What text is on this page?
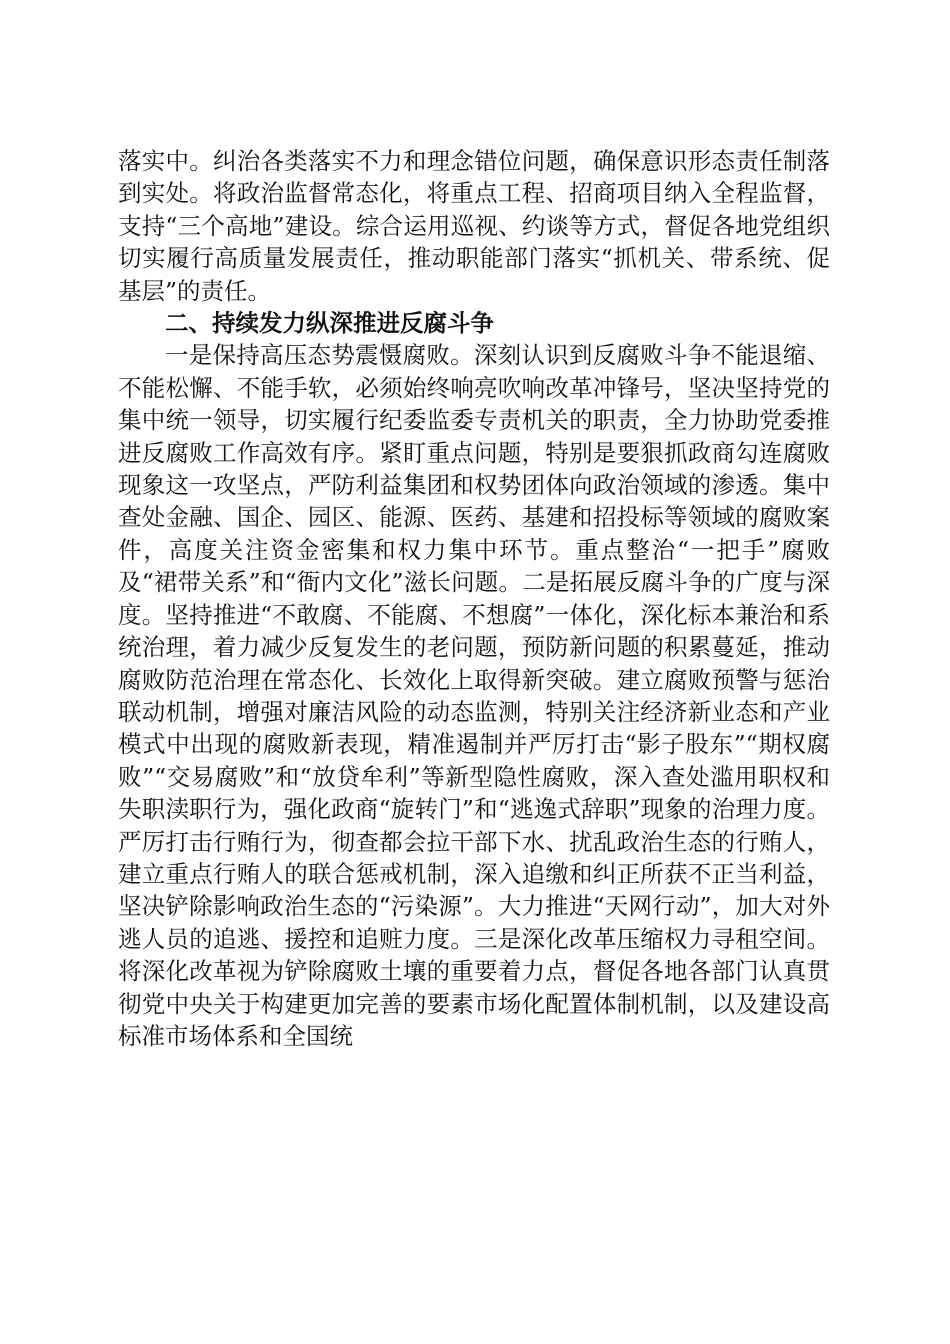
落实中。纠治各类落实不力和理念错位问题，确保意识形态责任制落到实处。将政治监督常态化，将重点工程、招商项目纳入全程监督，支持“三个高地”建设。综合运用巡视、约谈等方式，督促各地党组织切实履行高质量发展责任，推动职能部门落实“抓机关、带系统、促基层”的责任。

二、持续发力纵深推进反腐斗争

一是保持高压态势震慑腐败。深刻认识到反腐败斗争不能退缩、不能松懈、不能手软，必须始终响亮吹响改革冲锋号，坚决坚持党的集中统一领导，切实履行纪委监委专责机关的职责，全力协助党委推进反腐败工作高效有序。紧盯重点问题，特别是要狠抓政商勾连腐败现象这一攻坚点，严防利益集团和权势团体向政治领域的渗透。集中查处金融、国企、园区、能源、医药、基建和招投标等领域的腐败案件，高度关注资金密集和权力集中环节。重点整治“一把手”腐败及“裙带关系”和“衙内文化”滋长问题。二是拓展反腐斗争的广度与深度。坚持推进“不敢腐、不能腐、不想腐”一体化，深化标本兼治和系统治理，着力减少反复发生的老问题，预防新问题的积累蔓延，推动腐败防范治理在常态化、长效化上取得新突破。建立腐败预警与惩治联动机制，增强对廉洁风险的动态监测，特别关注经济新业态和产业模式中出现的腐败新表现，精准遏制并严厉打击“影子股东”“期权腐败”“交易腐败”和“放贷牟利”等新型隐性腐败，深入查处滥用职权和失职渎职行为，强化政商“旋转门”和“逃逸式辞职”现象的治理力度。严厉打击行贿行为，彻查都会拉干部下水、扰乱政治生态的行贿人，建立重点行贿人的联合惩戒机制，深入追缴和纠正所获不正当利益，坚决铲除影响政治生态的“污染源”。大力推进“天网行动”，加大对外逃人员的追逃、援控和追赃力度。三是深化改革压缩权力寻租空间。将深化改革视为铲除腐败土壤的重要着力点，督促各地各部门认真贯彻党中央关于构建更加完善的要素市场化配置体制机制，以及建设高标准市场体系和全国统
